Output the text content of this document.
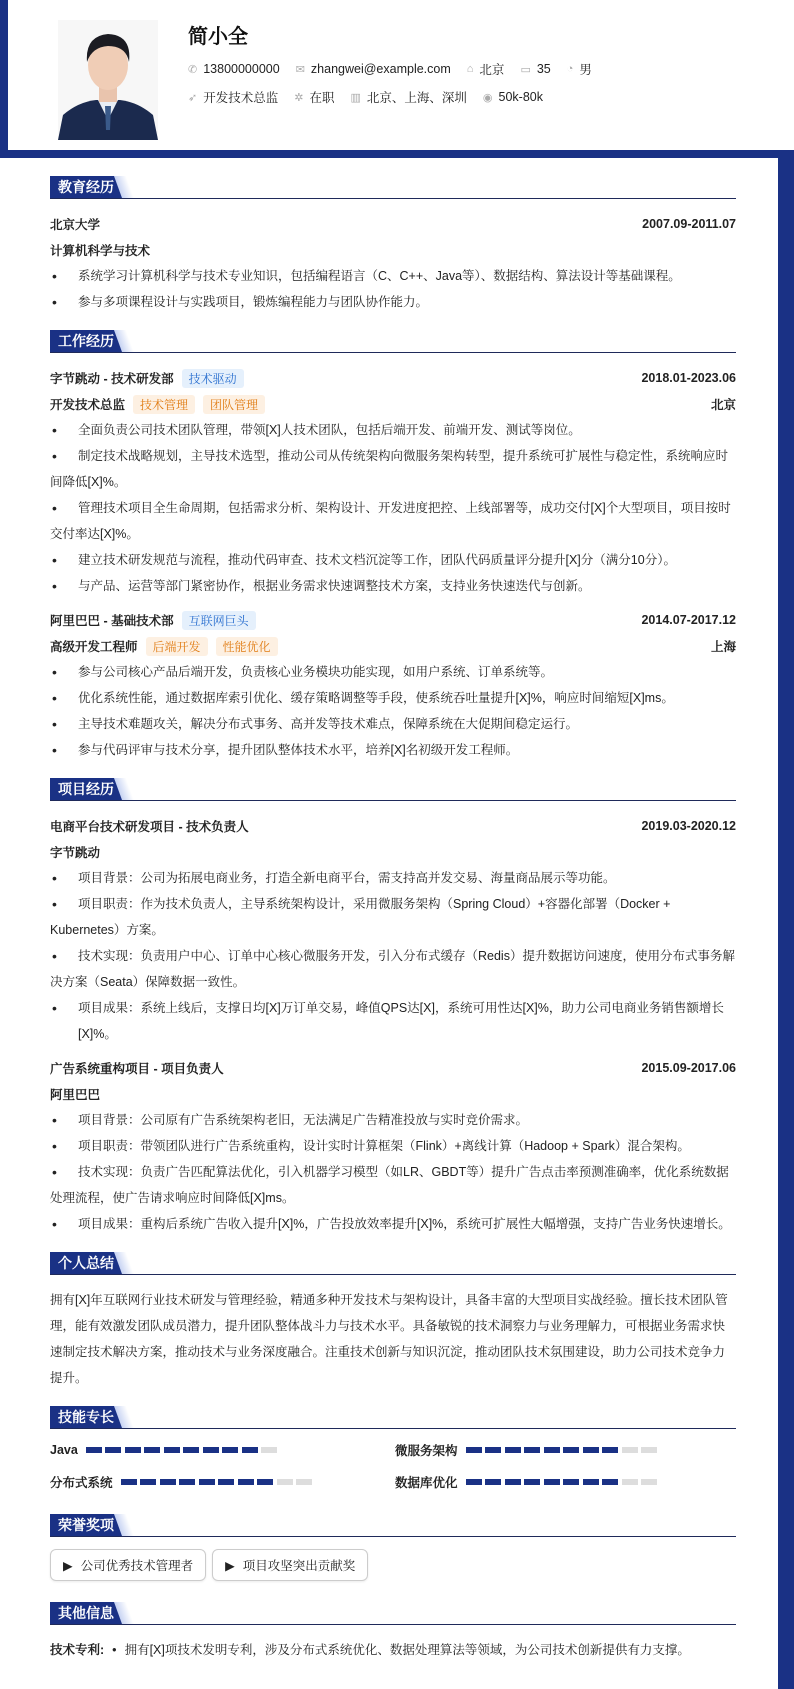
简小全
✆ 13800000000 ✉ zhangwei@example.com ⌂ 北京 ▭ 35 ◔ 男
➶ 开发技术总监 ✲ 在职 ▥ 北京、上海、深圳 ◉ 50k-80k
教育经历
北京大学	2007.09-2011.07
计算机科学与技术
• 系统学习计算机科学与技术专业知识，包括编程语言（C、C++、Java等）、数据结构、算法设计等基础课程。
• 参与多项课程设计与实践项目，锻炼编程能力与团队协作能力。
工作经历
字节跳动 - 技术研发部	技术驱动	2018.01-2023.06
开发技术总监	技术管理	团队管理	北京
• 全面负责公司技术团队管理，带领[X]人技术团队，包括后端开发、前端开发、测试等岗位。
• 制定技术战略规划，主导技术选型，推动公司从传统架构向微服务架构转型，提升系统可扩展性与稳定性，系统响应时间降低[X]%。
• 管理技术项目全生命周期，包括需求分析、架构设计、开发进度把控、上线部署等，成功交付[X]个大型项目，项目按时交付率达[X]%。
• 建立技术研发规范与流程，推动代码审查、技术文档沉淀等工作，团队代码质量评分提升[X]分（满分10分）。
• 与产品、运营等部门紧密协作，根据业务需求快速调整技术方案，支持业务快速迭代与创新。
阿里巴巴 - 基础技术部	互联网巨头	2014.07-2017.12
高级开发工程师	后端开发	性能优化	上海
• 参与公司核心产品后端开发，负责核心业务模块功能实现，如用户系统、订单系统等。
• 优化系统性能，通过数据库索引优化、缓存策略调整等手段，使系统吞吐量提升[X]%，响应时间缩短[X]ms。
• 主导技术难题攻关，解决分布式事务、高并发等技术难点，保障系统在大促期间稳定运行。
• 参与代码评审与技术分享，提升团队整体技术水平，培养[X]名初级开发工程师。
项目经历
电商平台技术研发项目 - 技术负责人	2019.03-2020.12
字节跳动
• 项目背景：公司为拓展电商业务，打造全新电商平台，需支持高并发交易、海量商品展示等功能。
• 项目职责：作为技术负责人，主导系统架构设计，采用微服务架构（Spring Cloud）+容器化部署（Docker + Kubernetes）方案。
• 技术实现：负责用户中心、订单中心核心微服务开发，引入分布式缓存（Redis）提升数据访问速度，使用分布式事务解决方案（Seata）保障数据一致性。
• 项目成果：系统上线后，支撑日均[X]万订单交易，峰值QPS达[X]，系统可用性达[X]%，助力公司电商业务销售额增长[X]%。
广告系统重构项目 - 项目负责人	2015.09-2017.06
阿里巴巴
• 项目背景：公司原有广告系统架构老旧，无法满足广告精准投放与实时竞价需求。
• 项目职责：带领团队进行广告系统重构，设计实时计算框架（Flink）+离线计算（Hadoop + Spark）混合架构。
• 技术实现：负责广告匹配算法优化，引入机器学习模型（如LR、GBDT等）提升广告点击率预测准确率，优化系统数据处理流程，使广告请求响应时间降低[X]ms。
• 项目成果：重构后系统广告收入提升[X]%，广告投放效率提升[X]%，系统可扩展性大幅增强，支持广告业务快速增长。
个人总结

拥有[X]年互联网行业技术研发与管理经验，精通多种开发技术与架构设计，具备丰富的大型项目实战经验。擅长技术团队管理，能有效激发团队成员潜力，提升团队整体战斗力与技术水平。具备敏锐的技术洞察力与业务理解力，可根据业务需求快速制定技术解决方案，推动技术与业务深度融合。注重技术创新与知识沉淀，推动团队技术氛围建设，助力公司技术竞争力提升。

技能专长
Java	微服务架构
分布式系统	数据库优化
荣誉奖项
▶ 公司优秀技术管理者	▶ 项目攻坚突出贡献奖
其他信息
技术专利: • 拥有[X]项技术发明专利，涉及分布式系统优化、数据处理算法等领域，为公司技术创新提供有力支撑。
